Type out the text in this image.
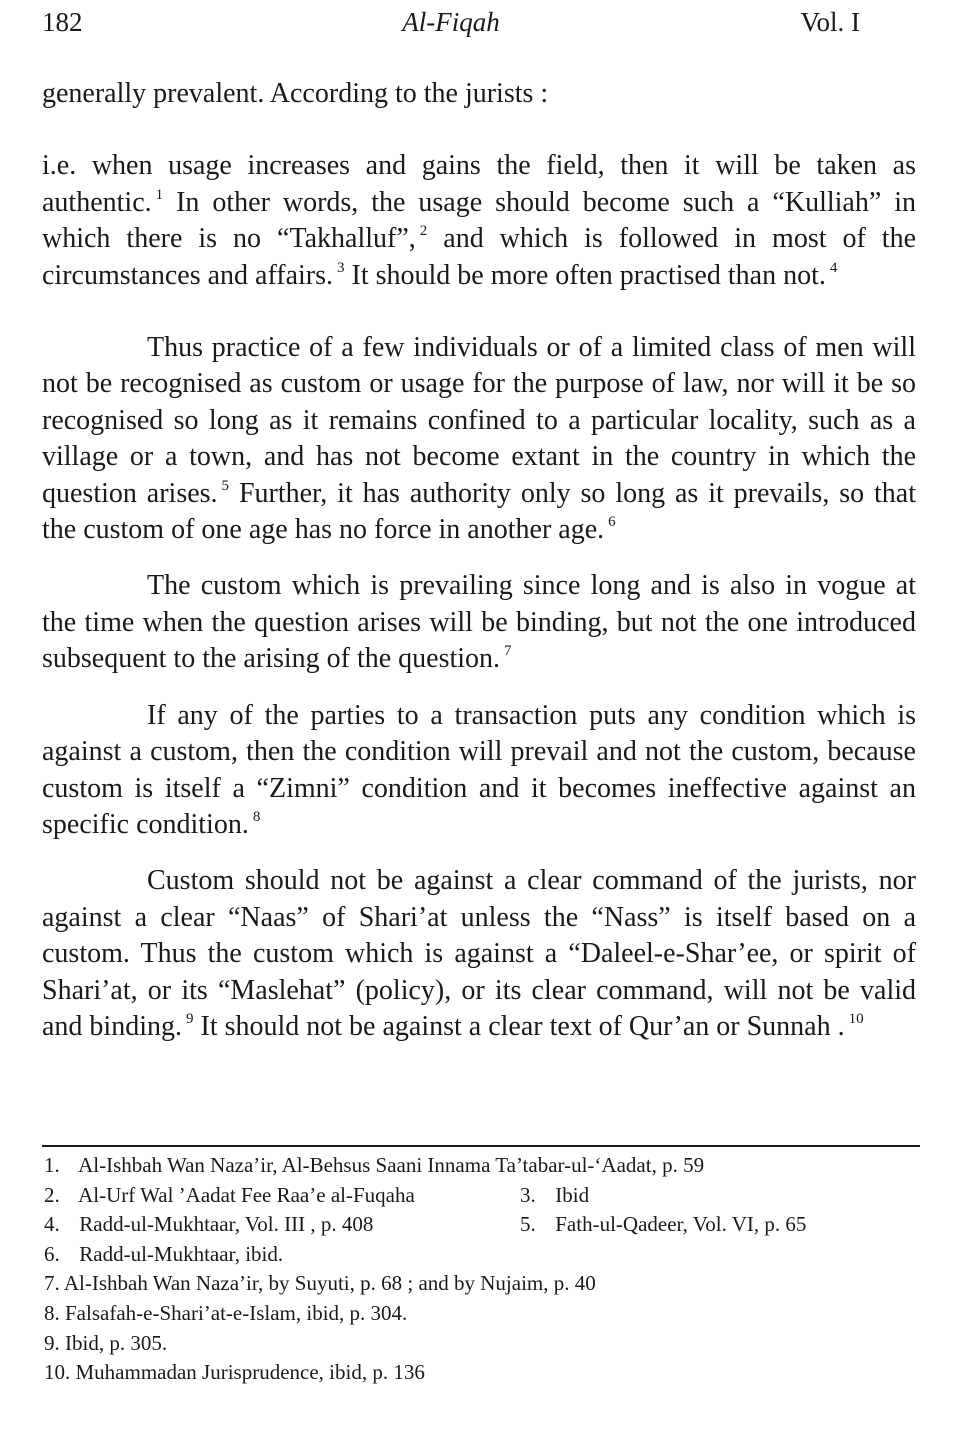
182	Al-Fiqah	Vol. I

generally prevalent. According to the jurists :

i.e. when usage increases and gains the field, then it will be taken as authentic. $^1$ In other words, the usage should become such a “Kulliah” in which there is no “Takhalluf”, $^2$ and which is followed in most of the circumstances and affairs. $^3$ It should be more often practised than not. $^4$

Thus practice of a few individuals or of a limited class of men will not be recognised as custom or usage for the purpose of law, nor will it be so recognised so long as it remains confined to a particular locality, such as a village or a town, and has not become extant in the country in which the question arises. $^5$ Further, it has authority only so long as it prevails, so that the custom of one age has no force in another age. $^6$

The custom which is prevailing since long and is also in vogue at the time when the question arises will be binding, but not the one introduced subsequent to the arising of the question. $^7$

If any of the parties to a transaction puts any condition which is against a custom, then the condition will prevail and not the custom, because custom is itself a “Zimni” condition and it becomes ineffective against an specific condition. $^8$

Custom should not be against a clear command of the jurists, nor against a clear “Naas” of Shari’at unless the “Nass” is itself based on a custom. Thus the custom which is against a “Daleel-e-Shar’ee, or spirit of Shari’at, or its “Maslehat” (policy), or its clear command, will not be valid and binding. $^9$ It should not be against a clear text of Qur’an or Sunnah . $^{10}$

1. Al-Ishbah Wan Naza’ir, Al-Behsus Saani Innama Ta’tabar-ul-‘Aadat, p. 59
2. Al-Urf Wal ’Aadat Fee Raa’e al-Fuqaha	3. Ibid
4. Radd-ul-Mukhtaar, Vol. III , p. 408	5. Fath-ul-Qadeer, Vol. VI, p. 65
6. Radd-ul-Mukhtaar, ibid.
7. Al-Ishbah Wan Naza’ir, by Suyuti, p. 68 ; and by Nujaim, p. 40
8. Falsafah-e-Shari’at-e-Islam, ibid, p. 304.
9. Ibid, p. 305.
10. Muhammadan Jurisprudence, ibid, p. 136
